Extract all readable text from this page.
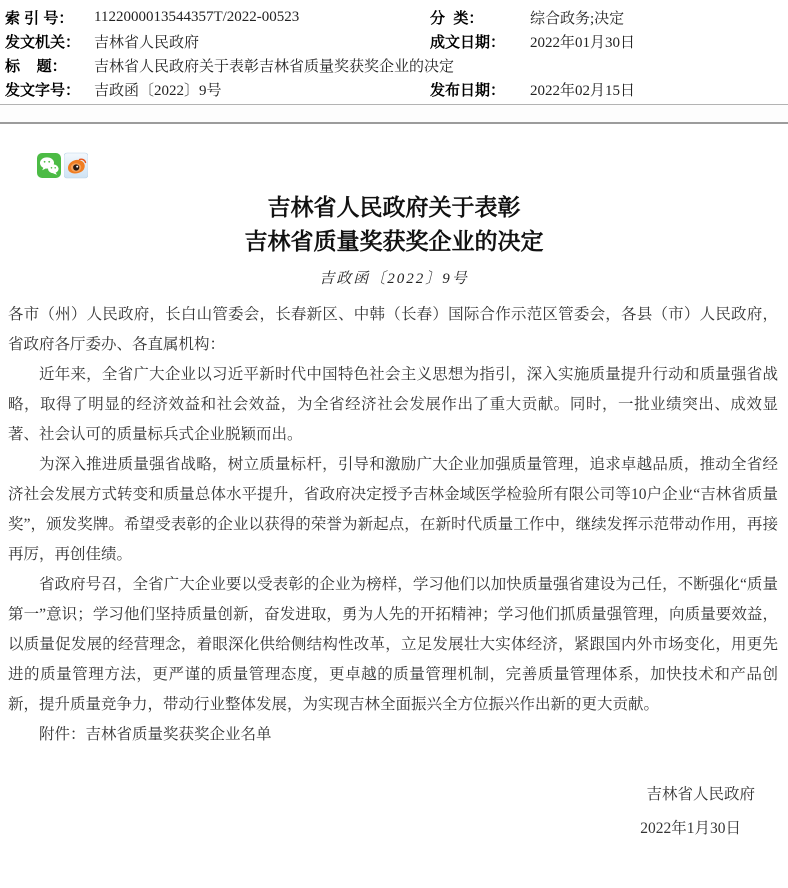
索 引 号：	1122000013544357T/2022-00523	分  类：	综合政务;决定
发文机关： 吉林省人民政府	成文日期：	2022年01月30日
标    题：	吉林省人民政府关于表彰吉林省质量奖获奖企业的决定
发文字号： 吉政函〔2022〕9号	发布日期：	2022年02月15日
吉林省人民政府关于表彰
吉林省质量奖获奖企业的决定
吉政函〔2022〕9号

各市（州）人民政府，长白山管委会，长春新区、中韩（长春）国际合作示范区管委会，各县（市）人民政府，省政府各厅委办、各直属机构：

近年来，全省广大企业以习近平新时代中国特色社会主义思想为指引，深入实施质量提升行动和质量强省战略，取得了明显的经济效益和社会效益，为全省经济社会发展作出了重大贡献。同时，一批业绩突出、成效显著、社会认可的质量标兵式企业脱颖而出。

为深入推进质量强省战略，树立质量标杆，引导和激励广大企业加强质量管理，追求卓越品质，推动全省经济社会发展方式转变和质量总体水平提升，省政府决定授予吉林金域医学检验所有限公司等10户企业“吉林省质量奖”，颁发奖牌。希望受表彰的企业以获得的荣誉为新起点，在新时代质量工作中，继续发挥示范带动作用，再接再厉，再创佳绩。

省政府号召，全省广大企业要以受表彰的企业为榜样，学习他们以加快质量强省建设为己任，不断强化“质量第一”意识；学习他们坚持质量创新，奋发进取，勇为人先的开拓精神；学习他们抓质量强管理，向质量要效益，以质量促发展的经营理念，着眼深化供给侧结构性改革，立足发展壮大实体经济，紧跟国内外市场变化，用更先进的质量管理方法，更严谨的质量管理态度，更卓越的质量管理机制，完善质量管理体系，加快技术和产品创新，提升质量竞争力，带动行业整体发展，为实现吉林全面振兴全方位振兴作出新的更大贡献。

附件：吉林省质量奖获奖企业名单

吉林省人民政府
2022年1月30日
